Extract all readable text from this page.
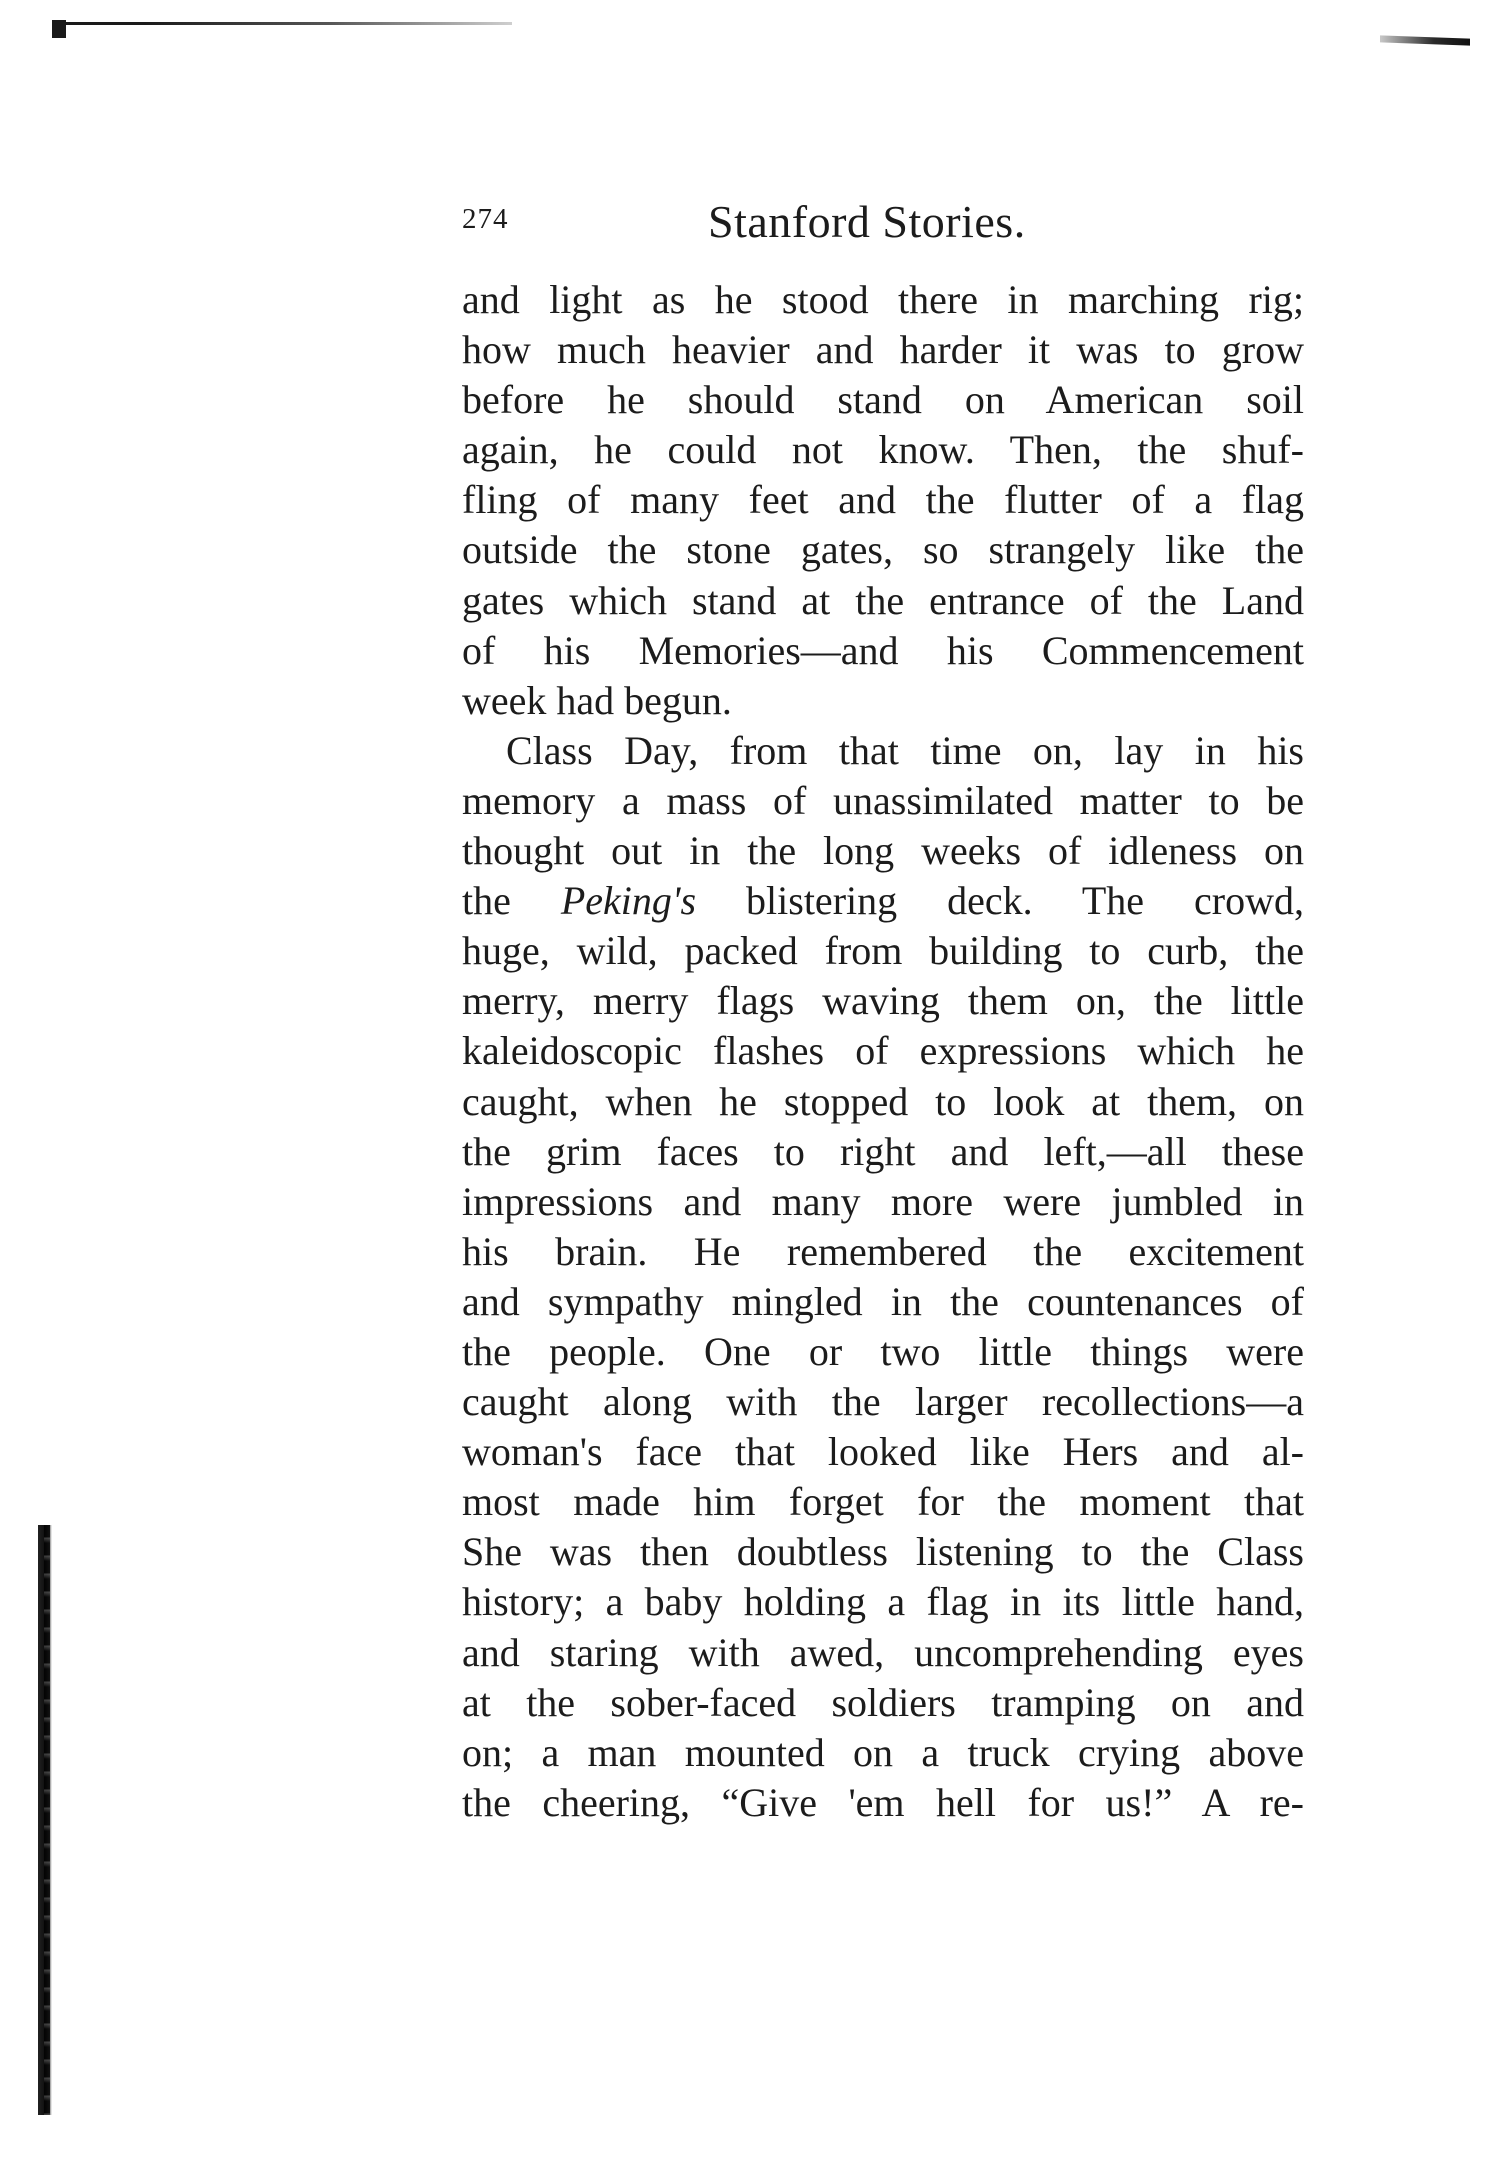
274	Stanford Stories.
and light as he stood there in marching rig;
how much heavier and harder it was to grow
before he should stand on American soil
again, he could not know. Then, the shuf-
fling of many feet and the flutter of a flag
outside the stone gates, so strangely like the
gates which stand at the entrance of the Land
of his Memories—and his Commencement
week had begun.
Class Day, from that time on, lay in his
memory a mass of unassimilated matter to be
thought out in the long weeks of idleness on
the Peking's blistering deck. The crowd,
huge, wild, packed from building to curb, the
merry, merry flags waving them on, the little
kaleidoscopic flashes of expressions which he
caught, when he stopped to look at them, on
the grim faces to right and left,—all these
impressions and many more were jumbled in
his brain. He remembered the excitement
and sympathy mingled in the countenances of
the people. One or two little things were
caught along with the larger recollections—a
woman's face that looked like Hers and al-
most made him forget for the moment that
She was then doubtless listening to the Class
history; a baby holding a flag in its little hand,
and staring with awed, uncomprehending eyes
at the sober-faced soldiers tramping on and
on; a man mounted on a truck crying above
the cheering, “Give 'em hell for us!” A re-
